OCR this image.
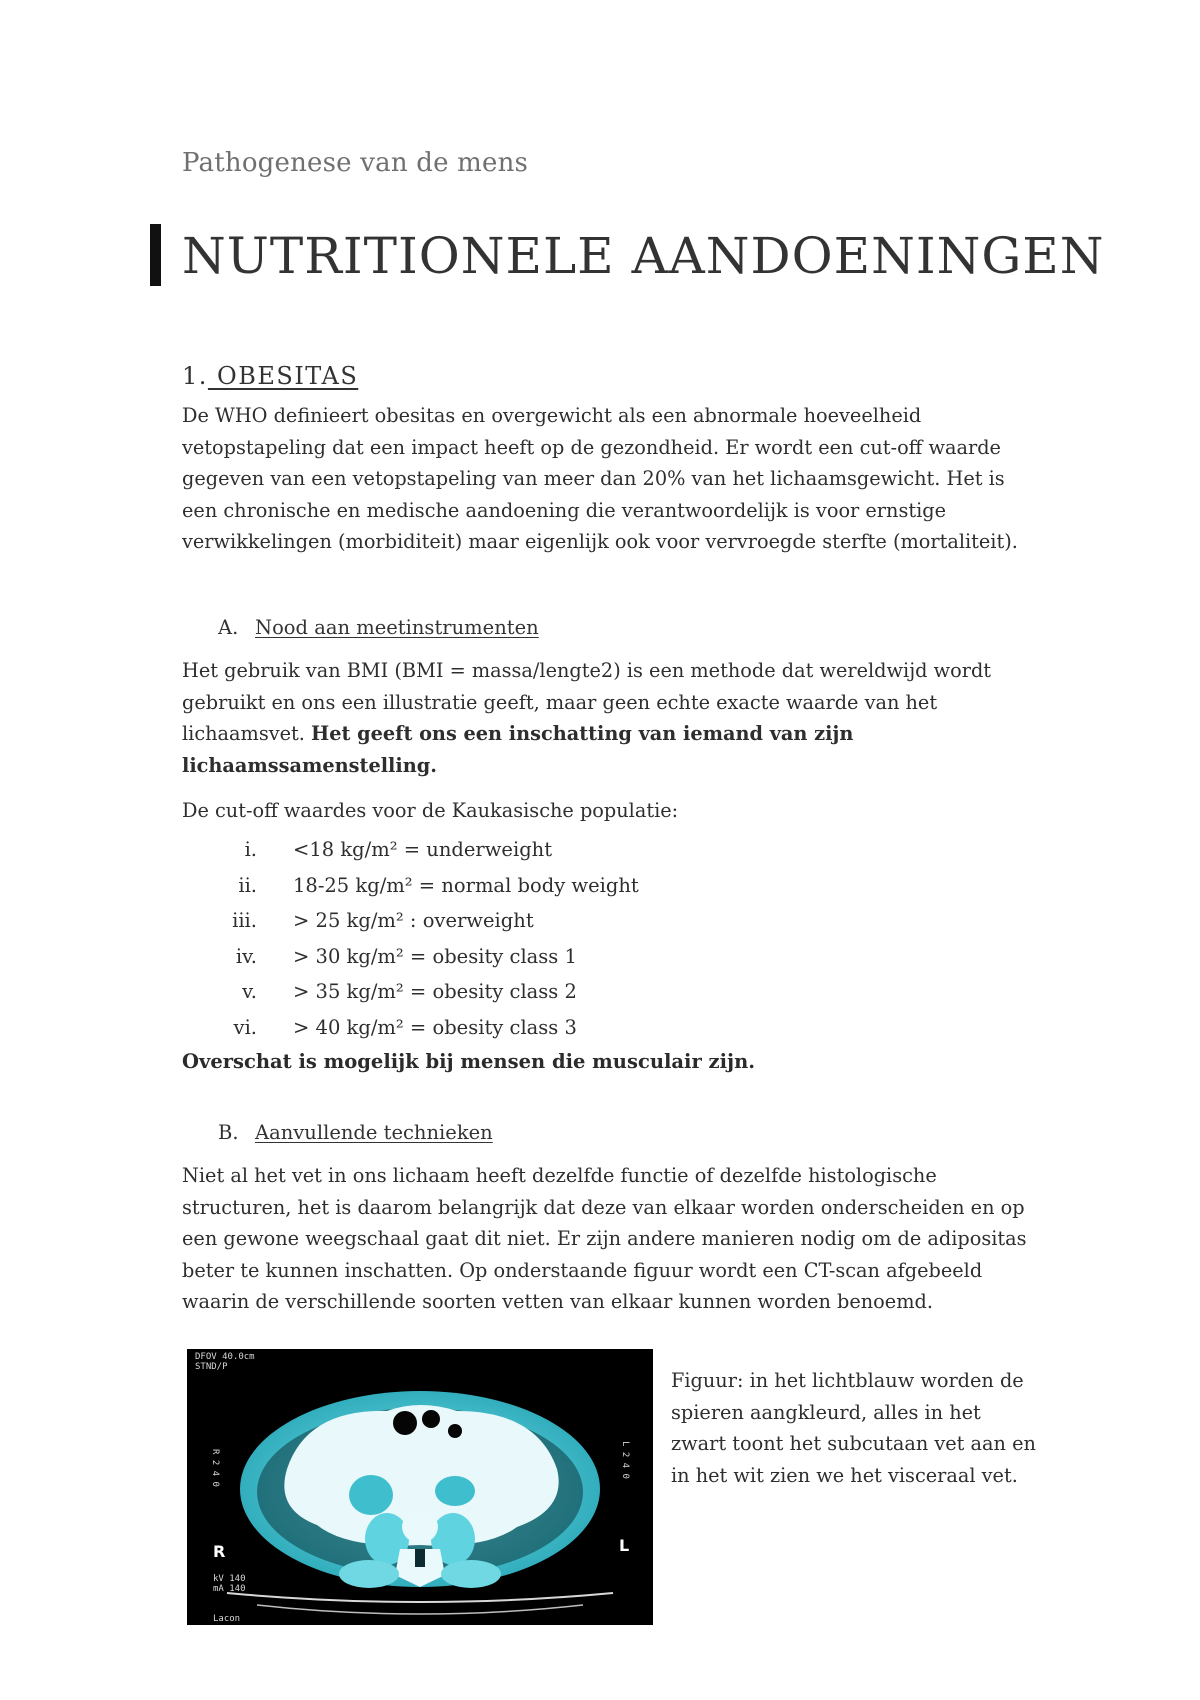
Pathogenese van de mens
NUTRITIONELE AANDOENINGEN
1. OBESITAS
De WHO definieert obesitas en overgewicht als een abnormale hoeveelheid vetopstapeling dat een impact heeft op de gezondheid. Er wordt een cut-off waarde gegeven van een vetopstapeling van meer dan 20% van het lichaamsgewicht. Het is een chronische en medische aandoening die verantwoordelijk is voor ernstige verwikkelingen (morbiditeit) maar eigenlijk ook voor vervroegde sterfte (mortaliteit).
A. Nood aan meetinstrumenten
Het gebruik van BMI (BMI = massa/lengte2) is een methode dat wereldwijd wordt gebruikt en ons een illustratie geeft, maar geen echte exacte waarde van het lichaamsvet. Het geeft ons een inschatting van iemand van zijn lichaamssamenstelling.
De cut-off waardes voor de Kaukasische populatie:
i. <18 kg/m² = underweight
ii. 18-25 kg/m² = normal body weight
iii. > 25 kg/m² : overweight
iv. > 30 kg/m² = obesity class 1
v. > 35 kg/m² = obesity class 2
vi. > 40 kg/m² = obesity class 3
Overschat is mogelijk bij mensen die musculair zijn.
B. Aanvullende technieken
Niet al het vet in ons lichaam heeft dezelfde functie of dezelfde histologische structuren, het is daarom belangrijk dat deze van elkaar worden onderscheiden en op een gewone weegschaal gaat dit niet. Er zijn andere manieren nodig om de adipositas beter te kunnen inschatten. Op onderstaande figuur wordt een CT-scan afgebeeld waarin de verschillende soorten vetten van elkaar kunnen worden benoemd.
DFOV 40.0cm
STND/P
R 2 4 0	L 2 4 0
R	L
kV 140
mA 140
Lacon
Figuur: in het lichtblauw worden de spieren aangkleurd, alles in het zwart toont het subcutaan vet aan en in het wit zien we het visceraal vet.
